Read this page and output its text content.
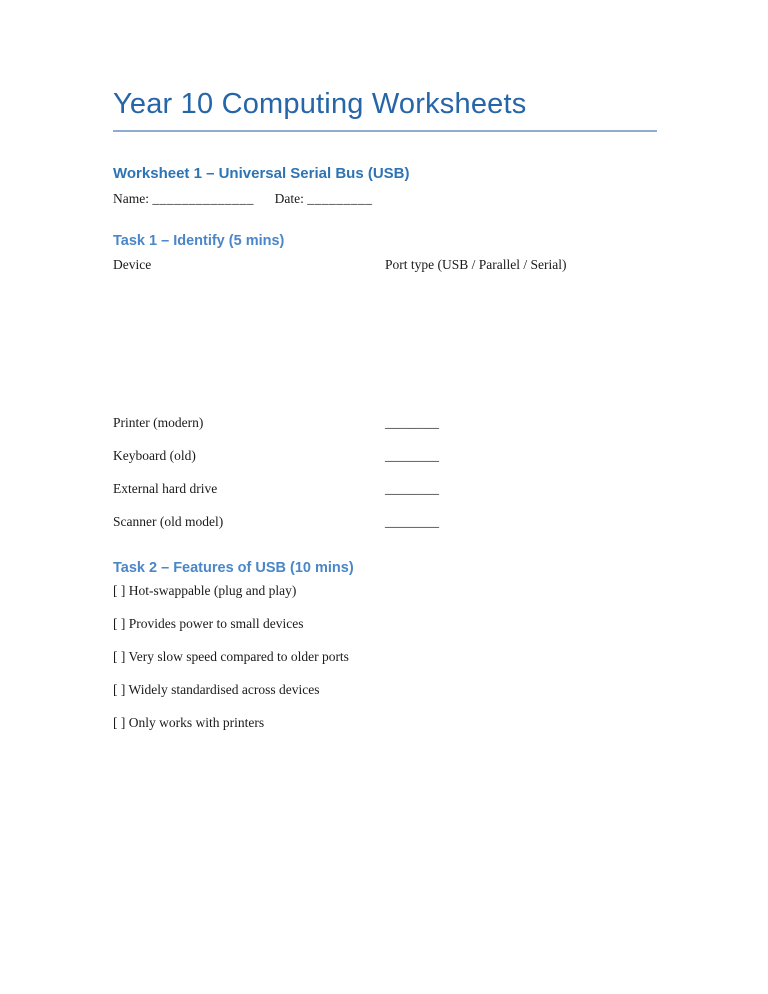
Year 10 Computing Worksheets
Worksheet 1 – Universal Serial Bus (USB)

Name: ______________ Date: _________

Task 1 – Identify (5 mins)
Device	Port type (USB / Parallel / Serial)
Printer (modern)	________
Keyboard (old)	________
External hard drive	________
Scanner (old model)	________
Task 2 – Features of USB (10 mins)

[ ] Hot-swappable (plug and play)

[ ] Provides power to small devices

[ ] Very slow speed compared to older ports

[ ] Widely standardised across devices

[ ] Only works with printers
